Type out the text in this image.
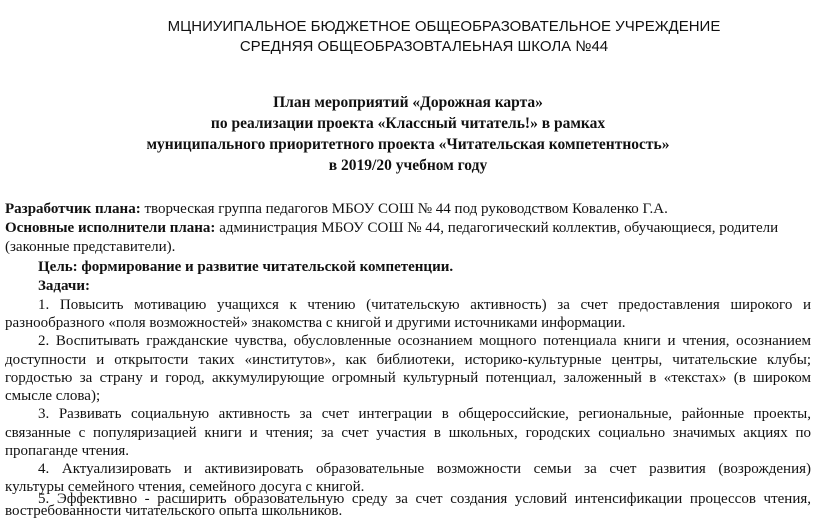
МЦНИУИПАЛЬНОЕ БЮДЖЕТНОЕ ОБЩЕОБРАЗОВАТЕЛЬНОЕ УЧРЕЖДЕНИЕ
СРЕДНЯЯ ОБЩЕОБРАЗОВТАЛЕЬНАЯ ШКОЛА №44
План мероприятий «Дорожная карта»
по реализации проекта «Классный читатель!» в рамках
муниципального приоритетного проекта «Читательская компетентность»
в 2019/20 учебном году
Разработчик плана: творческая группа педагогов МБОУ СОШ № 44 под руководством Коваленко Г.А.
Основные исполнители плана: администрация МБОУ СОШ № 44, педагогический коллектив, обучающиеся, родители
(законные представители).
Цель: формирование и развитие читательской компетенции.
Задачи:
1. Повысить мотивацию учащихся к чтению (читательскую активность) за счет предоставления широкого и
разнообразного «поля возможностей» знакомства с книгой и другими источниками информации.
2. Воспитывать гражданские чувства, обусловленные осознанием мощного потенциала книги и чтения, осознанием
доступности и открытости таких «институтов», как библиотеки, историко-культурные центры, читательские клубы;
гордостью за страну и город, аккумулирующие огромный культурный потенциал, заложенный в «текстах» (в широком
смысле слова);
3. Развивать социальную активность за счет интеграции в общероссийские, региональные, районные проекты,
связанные с популяризацией книги и чтения; за счет участия в школьных, городских социально значимых акциях по
пропаганде чтения.
4. Актуализировать и активизировать образовательные возможности семьи за счет развития (возрождения)
культуры семейного чтения, семейного досуга с книгой.
5. Эффективно - расширить образовательную среду за счет создания условий интенсификации процессов чтения,
востребованности читательского опыта школьников.
